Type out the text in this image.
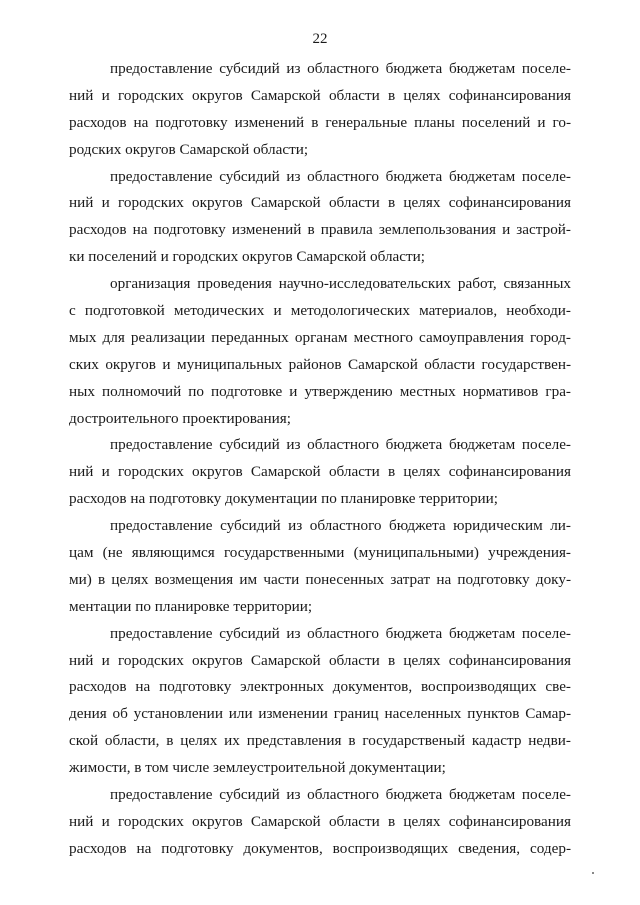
22
предоставление субсидий из областного бюджета бюджетам поселе-
ний и городских округов Самарской области в целях софинансирования
расходов на подготовку изменений в генеральные планы поселений и го-
родских округов Самарской области;
предоставление субсидий из областного бюджета бюджетам поселе-
ний и городских округов Самарской области в целях софинансирования
расходов на подготовку изменений в правила землепользования и застрой-
ки поселений и городских округов Самарской области;
организация проведения научно-исследовательских работ, связанных
с подготовкой методических и методологических материалов, необходи-
мых для реализации переданных органам местного самоуправления город-
ских округов и муниципальных районов Самарской области государствен-
ных полномочий по подготовке и утверждению местных нормативов гра-
достроительного проектирования;
предоставление субсидий из областного бюджета бюджетам поселе-
ний и городских округов Самарской области в целях софинансирования
расходов на подготовку документации по планировке территории;
предоставление субсидий из областного бюджета юридическим ли-
цам (не являющимся государственными (муниципальными) учреждения-
ми) в целях возмещения им части понесенных затрат на подготовку доку-
ментации по планировке территории;
предоставление субсидий из областного бюджета бюджетам поселе-
ний и городских округов Самарской области в целях софинансирования
расходов на подготовку электронных документов, воспроизводящих све-
дения об установлении или изменении границ населенных пунктов Самар-
ской области, в целях их представления в государственый кадастр недви-
жимости, в том числе землеустроительной документации;
предоставление субсидий из областного бюджета бюджетам поселе-
ний и городских округов Самарской области в целях софинансирования
расходов на подготовку документов, воспроизводящих сведения, содер-
